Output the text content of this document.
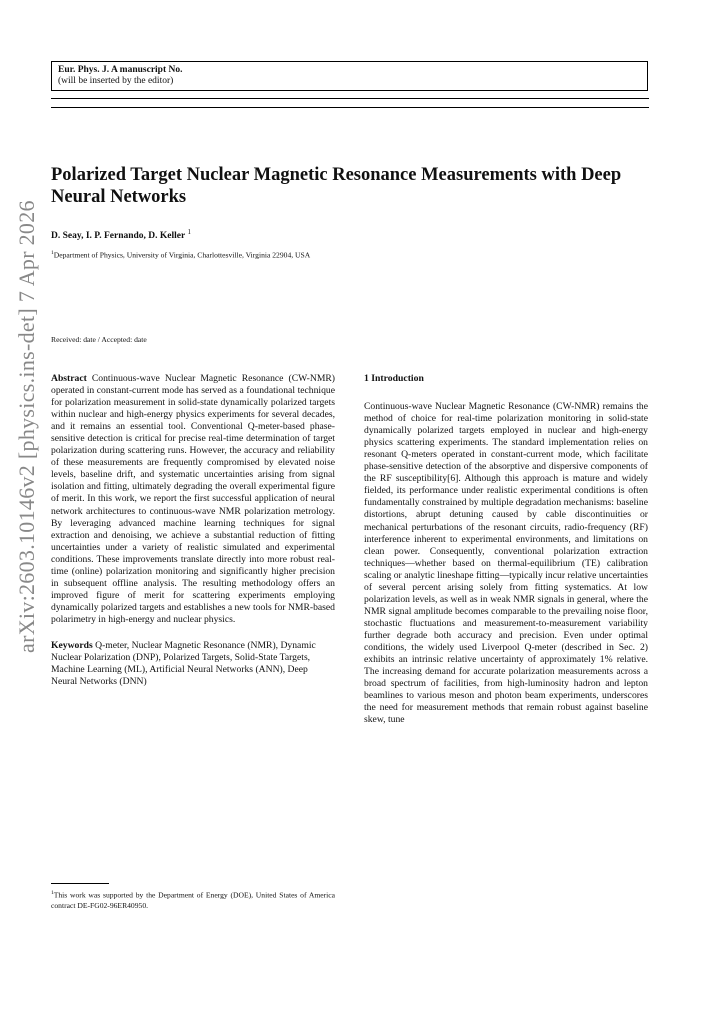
Eur. Phys. J. A manuscript No.
(will be inserted by the editor)
arXiv:2603.10146v2 [physics.ins-det] 7 Apr 2026
Polarized Target Nuclear Magnetic Resonance Measurements with Deep Neural Networks
D. Seay, I. P. Fernando, D. Keller $^1$
$^1$Department of Physics, University of Virginia, Charlottesville, Virginia 22904, USA
Received: date / Accepted: date

Abstract Continuous-wave Nuclear Magnetic Resonance (CW-NMR) operated in constant-current mode has served as a foundational technique for polarization measurement in solid-state dynamically polarized targets within nuclear and high-energy physics experiments for several decades, and it remains an essential tool. Conventional Q-meter-based phase-sensitive detection is critical for precise real-time determination of target polarization during scattering runs. However, the accuracy and reliability of these measurements are frequently compromised by elevated noise levels, baseline drift, and systematic uncertainties arising from signal isolation and fitting, ultimately degrading the overall experimental figure of merit. In this work, we report the first successful application of neural network architectures to continuous-wave NMR polarization metrology. By leveraging advanced machine learning techniques for signal extraction and denoising, we achieve a substantial reduction of fitting uncertainties under a variety of realistic simulated and experimental conditions. These improvements translate directly into more robust real-time (online) polarization monitoring and significantly higher precision in subsequent offline analysis. The resulting methodology offers an improved figure of merit for scattering experiments employing dynamically polarized targets and establishes a new tools for NMR-based polarimetry in high-energy and nuclear physics.

Keywords Q-meter, Nuclear Magnetic Resonance (NMR), Dynamic Nuclear Polarization (DNP), Polarized Targets, Solid-State Targets, Machine Learning (ML), Artificial Neural Networks (ANN), Deep Neural Networks (DNN)

$^1$This work was supported by the Department of Energy (DOE), United States of America contract DE-FG02-96ER40950.

1 Introduction

Continuous-wave Nuclear Magnetic Resonance (CW-NMR) remains the method of choice for real-time polarization monitoring in solid-state dynamically polarized targets employed in nuclear and high-energy physics scattering experiments. The standard implementation relies on resonant Q-meters operated in constant-current mode, which facilitate phase-sensitive detection of the absorptive and dispersive components of the RF susceptibility[6]. Although this approach is mature and widely fielded, its performance under realistic experimental conditions is often fundamentally constrained by multiple degradation mechanisms: baseline distortions, abrupt detuning caused by cable discontinuities or mechanical perturbations of the resonant circuits, radio-frequency (RF) interference inherent to experimental environments, and limitations on clean power. Consequently, conventional polarization extraction techniques—whether based on thermal-equilibrium (TE) calibration scaling or analytic lineshape fitting—typically incur relative uncertainties of several percent arising solely from fitting systematics. At low polarization levels, as well as in weak NMR signals in general, where the NMR signal amplitude becomes comparable to the prevailing noise floor, stochastic fluctuations and measurement-to-measurement variability further degrade both accuracy and precision. Even under optimal conditions, the widely used Liverpool Q-meter (described in Sec. 2) exhibits an intrinsic relative uncertainty of approximately 1% relative. The increasing demand for accurate polarization measurements across a broad spectrum of facilities, from high-luminosity hadron and lepton beamlines to various meson and photon beam experiments, underscores the need for measurement methods that remain robust against baseline skew, tune
